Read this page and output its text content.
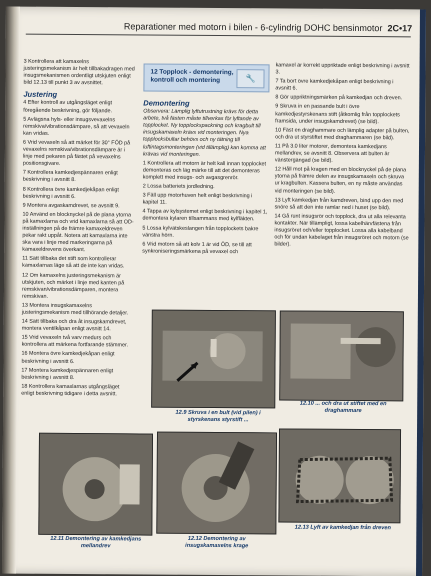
Reparationer med motorn i bilen - 6-cylindrig DOHC bensinmotor 2C•17

3 Kontrollera att kamaxelns justeringsmekanism är helt tillbakadragen med insugsmekanismen ordentligt utskjuten enligt bild 12.13 till punkt 3 av avsnittet.

Justering

4 Efter kontroll av utgångsläget enligt föregående beskrivning, gör följande.

5 Avlägsna hyls- eller insugsvevaxelns remskiva/vibrationsdämpare, så att vevaxeln kan vridas.

6 Vrid vevaxeln så att märket för 30° FÖD på vevaxelns remskiva/vibrationsdämpare är i linje med pekaren på fästet på vevaxelns positionsgivare.

7 Kontrollera kamkedjespännaren enligt beskrivning i avsnitt 8.

8 Kontrollera övre kamkedjekåpan enligt beskrivning i avsnitt 6.

9 Montera avgaskamdrevet, se avsnitt 9.

10 Använd en blocknyckel på de plana ytorna på kamaxlarna och vrid kamaxlarna så att OD-inställningen på de främre kamaxeldreven pekar rakt uppåt. Notera att kamaxlarna inte ska vara i linje med markeringarna på kamaxeldrevens överkant.

11 Sätt tillbaka det stift som kontrollerar kamaxlarnas läge så att de inte kan vridas.

12 Om kamaxelns justeringsmekanism är utskjuten, och märket i linje med kanten på remskivan/vibrationsdämparen, montera remskivan.

13 Montera insugskamaxelns justeringsmekanism med tillhörande detaljer.

14 Sätt tillbaka och dra åt insugskamdrevet, montera ventilkåpan enligt avsnitt 14.

15 Vrid vevaxeln två varv medurs och kontrollera att märkena fortfarande stämmer.

16 Montera övre kamkedjekåpan enligt beskrivning i avsnitt 6.

17 Montera kamkedjespännaren enligt beskrivning i avsnitt 8.

18 Kontrollera kamaxlarnas utgångsläget enligt beskrivning tidigare i detta avsnitt.

12 Topplock - demontering, kontroll och montering	🔧
Demontering

Observera: Lämplig lyftutrustning krävs för detta arbete, två fästen måste tillverkas för lyftande av topplocket. Ny topplockspackning och kragbult till insugskamaxeln krävs vid monteringen. Nya topplocksbultar behövs och ny tätning till luftintagsmonteringen (vid tillämplig) kan komma att krävas vid monteringen.

1 Kontrollera att motorn är helt kall innan topplocket demonteras och läg märke till att det demonteras komplett med insugs- och avgasgrenrör.

2 Lossa batteriets jordledning.

3 Fäll upp motorhuven helt enligt beskrivning i kapitel 11.

4 Tappa av kylsystemet enligt beskrivning i kapitel 1, demontera kylaren tillsammans med kylfläkten.

5 Lossa kylvätskeslangen från topplockets bakre vänstra hörn.

6 Vrid motorn så att kolv 1 är vid ÖD, se till att synkroniseringsmärkena på vevaxel och

kamaxel är korrekt uppriktade enligt beskrivning i avsnitt 3.

7 Ta bort övre kamkedjekåpan enligt beskrivning i avsnitt 6.

8 Gör uppriktningsmärken på kamkedjan och dreven.

9 Skruva in en passande bult i övre kamkedjestyrskenans stift (åtkomlig från topplockets framsida, under insugskamdrevet) (se bild).

10 Fäst en draghammare och lämplig adapter på bulten, och dra ut styrstiftet med draghammaren (se bild).

11 På 3.0 liter motorer, demontera kamkedjans mellandrev, se avsnitt 8. Observera att bulten är vänstergängad (se bild).

12 Håll mot på kragen med en blocknyckel på de plana ytorna på främre delen av insugskamaxeln och skruva ur kragbulten. Kassera bulten, en ny måste användas vid monteringen (se bild).

13 Lyft kamkedjan från kamdreven, bind upp den med snöre så att den inte ramlar ned i huset (se bild).

14 Gå runt insugsrör och topplock, dra ut alla relevanta kontakter. När tillämpligt, lossa kabelhärvfästena från insugsröret och/eller topplocket. Lossa alla kabelband och för undan kabelaget från insugsröret och motorn (se bilder).

12.9 Skruva i en bult (vid pilen) i styrskenans styrstift ...
12.10 ... och dra ut stiftet med en draghammare
12.11 Demontering av kamkedjans mellandrev
12.12 Demontering av insugskamaxelns krage
12.13 Lyft av kamkedjan från dreven
